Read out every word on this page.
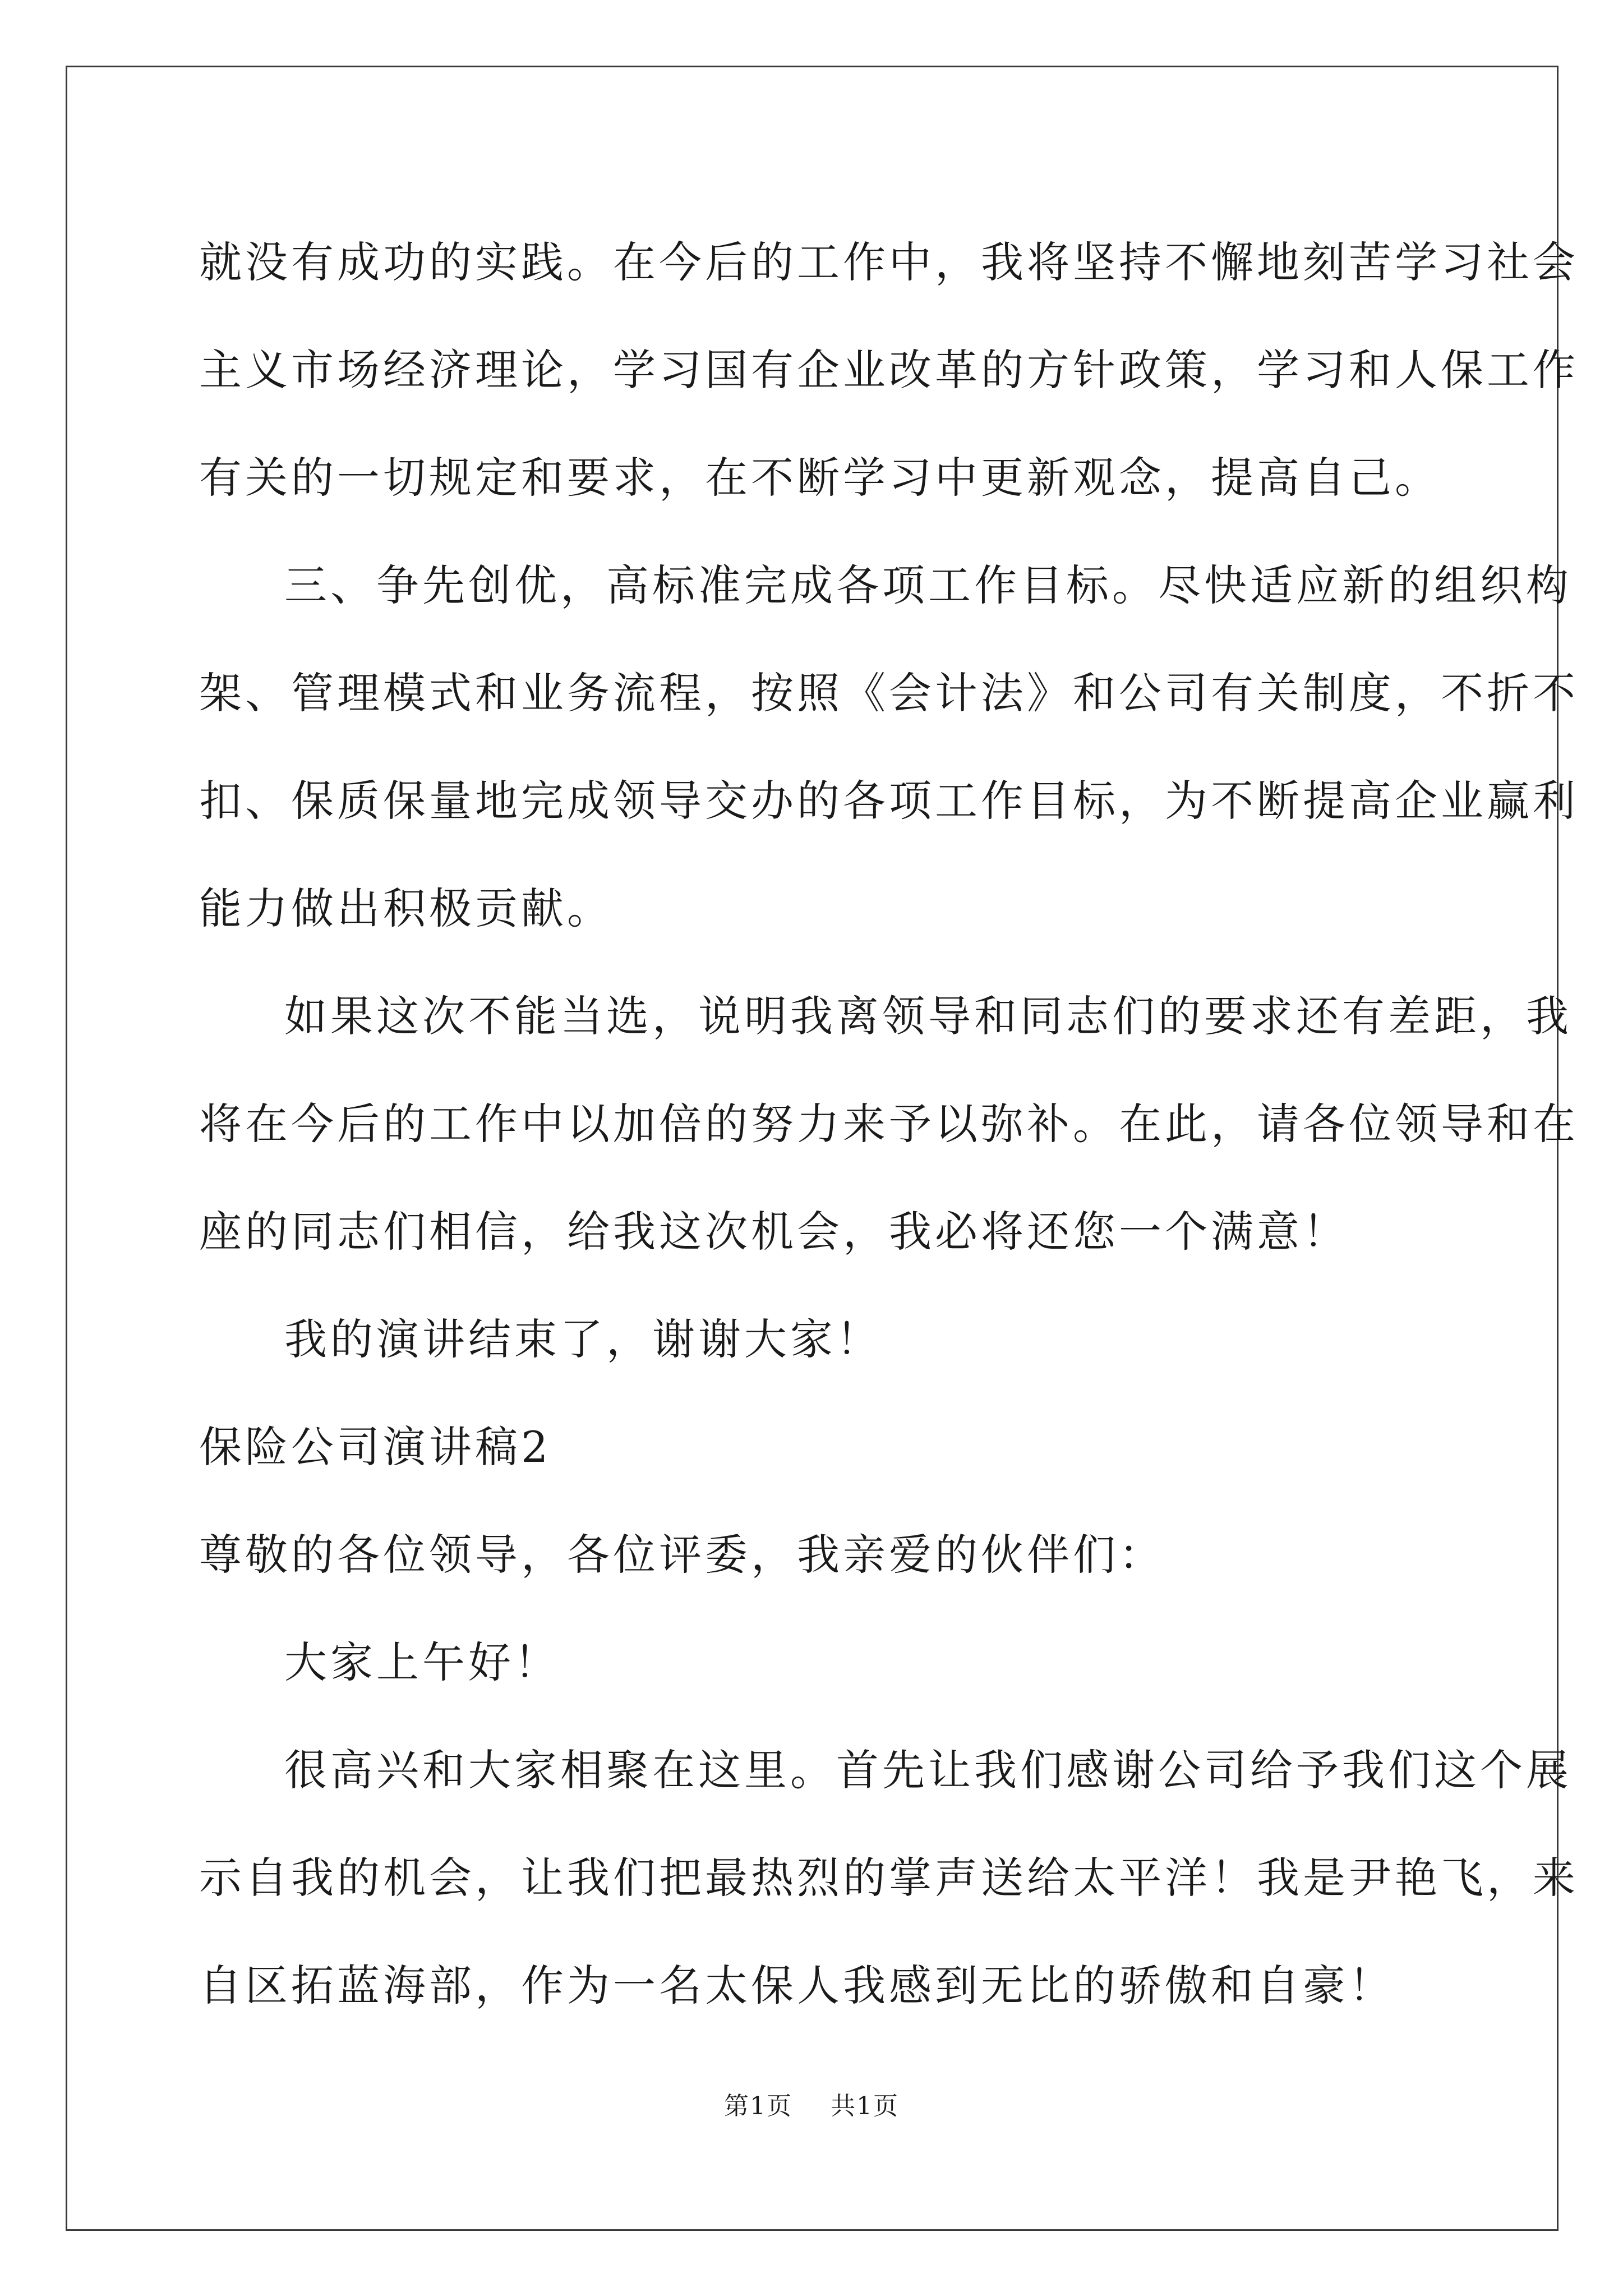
就没有成功的实践。在今后的工作中，我将坚持不懈地刻苦学习社会

主义市场经济理论，学习国有企业改革的方针政策，学习和人保工作

有关的一切规定和要求，在不断学习中更新观念，提高自己。

三、争先创优，高标准完成各项工作目标。尽快适应新的组织构

架、管理模式和业务流程，按照《会计法》和公司有关制度，不折不

扣、保质保量地完成领导交办的各项工作目标，为不断提高企业赢利

能力做出积极贡献。

如果这次不能当选，说明我离领导和同志们的要求还有差距，我

将在今后的工作中以加倍的努力来予以弥补。在此，请各位领导和在

座的同志们相信，给我这次机会，我必将还您一个满意！

我的演讲结束了，谢谢大家！

保险公司演讲稿2

尊敬的各位领导，各位评委，我亲爱的伙伴们：

大家上午好！

很高兴和大家相聚在这里。首先让我们感谢公司给予我们这个展

示自我的机会，让我们把最热烈的掌声送给太平洋！我是尹艳飞，来

自区拓蓝海部，作为一名太保人我感到无比的骄傲和自豪！

第1页 共1页
